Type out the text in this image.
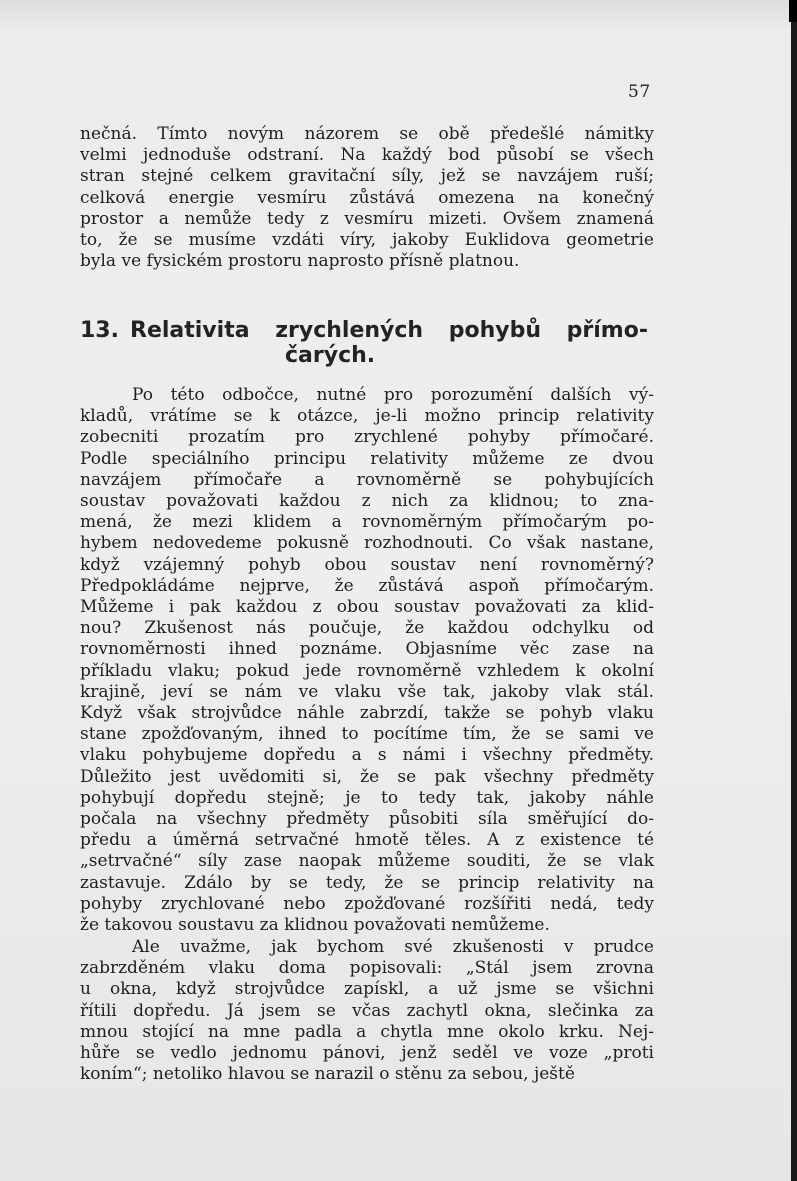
57
nečná. Tímto novým názorem se obě předešlé námitky
velmi jednoduše odstraní. Na každý bod působí se všech
stran stejné celkem gravitační síly, jež se navzájem ruší;
celková energie vesmíru zůstává omezena na konečný
prostor a nemůže tedy z vesmíru mizeti. Ovšem znamená
to, že se musíme vzdáti víry, jakoby Euklidova geometrie
byla ve fysickém prostoru naprosto přísně platnou.
13. Relativita zrychlených pohybů přímo-
čarých.
Po této odbočce, nutné pro porozumění dalších vý-
kladů, vrátíme se k otázce, je-li možno princip relativity
zobecniti prozatím pro zrychlené pohyby přímočaré.
Podle speciálního principu relativity můžeme ze dvou
navzájem přímočaře a rovnoměrně se pohybujících
soustav považovati každou z nich za klidnou; to zna-
mená, že mezi klidem a rovnoměrným přímočarým po-
hybem nedovedeme pokusně rozhodnouti. Co však nastane,
když vzájemný pohyb obou soustav není rovnoměrný?
Předpokládáme nejprve, že zůstává aspoň přímočarým.
Můžeme i pak každou z obou soustav považovati za klid-
nou? Zkušenost nás poučuje, že každou odchylku od
rovnoměrnosti ihned poznáme. Objasníme věc zase na
příkladu vlaku; pokud jede rovnoměrně vzhledem k okolní
krajině, jeví se nám ve vlaku vše tak, jakoby vlak stál.
Když však strojvůdce náhle zabrzdí, takže se pohyb vlaku
stane zpožďovaným, ihned to pocítíme tím, že se sami ve
vlaku pohybujeme dopředu a s námi i všechny předměty.
Důležito jest uvědomiti si, že se pak všechny předměty
pohybují dopředu stejně; je to tedy tak, jakoby náhle
počala na všechny předměty působiti síla směřující do-
předu a úměrná setrvačné hmotě těles. A z existence té
„setrvačné“ síly zase naopak můžeme souditi, že se vlak
zastavuje. Zdálo by se tedy, že se princip relativity na
pohyby zrychlované nebo zpožďované rozšířiti nedá, tedy
že takovou soustavu za klidnou považovati nemůžeme.
Ale uvažme, jak bychom své zkušenosti v prudce
zabrzděném vlaku doma popisovali: „Stál jsem zrovna
u okna, když strojvůdce zapískl, a už jsme se všichni
řítili dopředu. Já jsem se včas zachytl okna, slečinka za
mnou stojící na mne padla a chytla mne okolo krku. Nej-
hůře se vedlo jednomu pánovi, jenž seděl ve voze „proti
koním“; netoliko hlavou se narazil o stěnu za sebou, ještě
